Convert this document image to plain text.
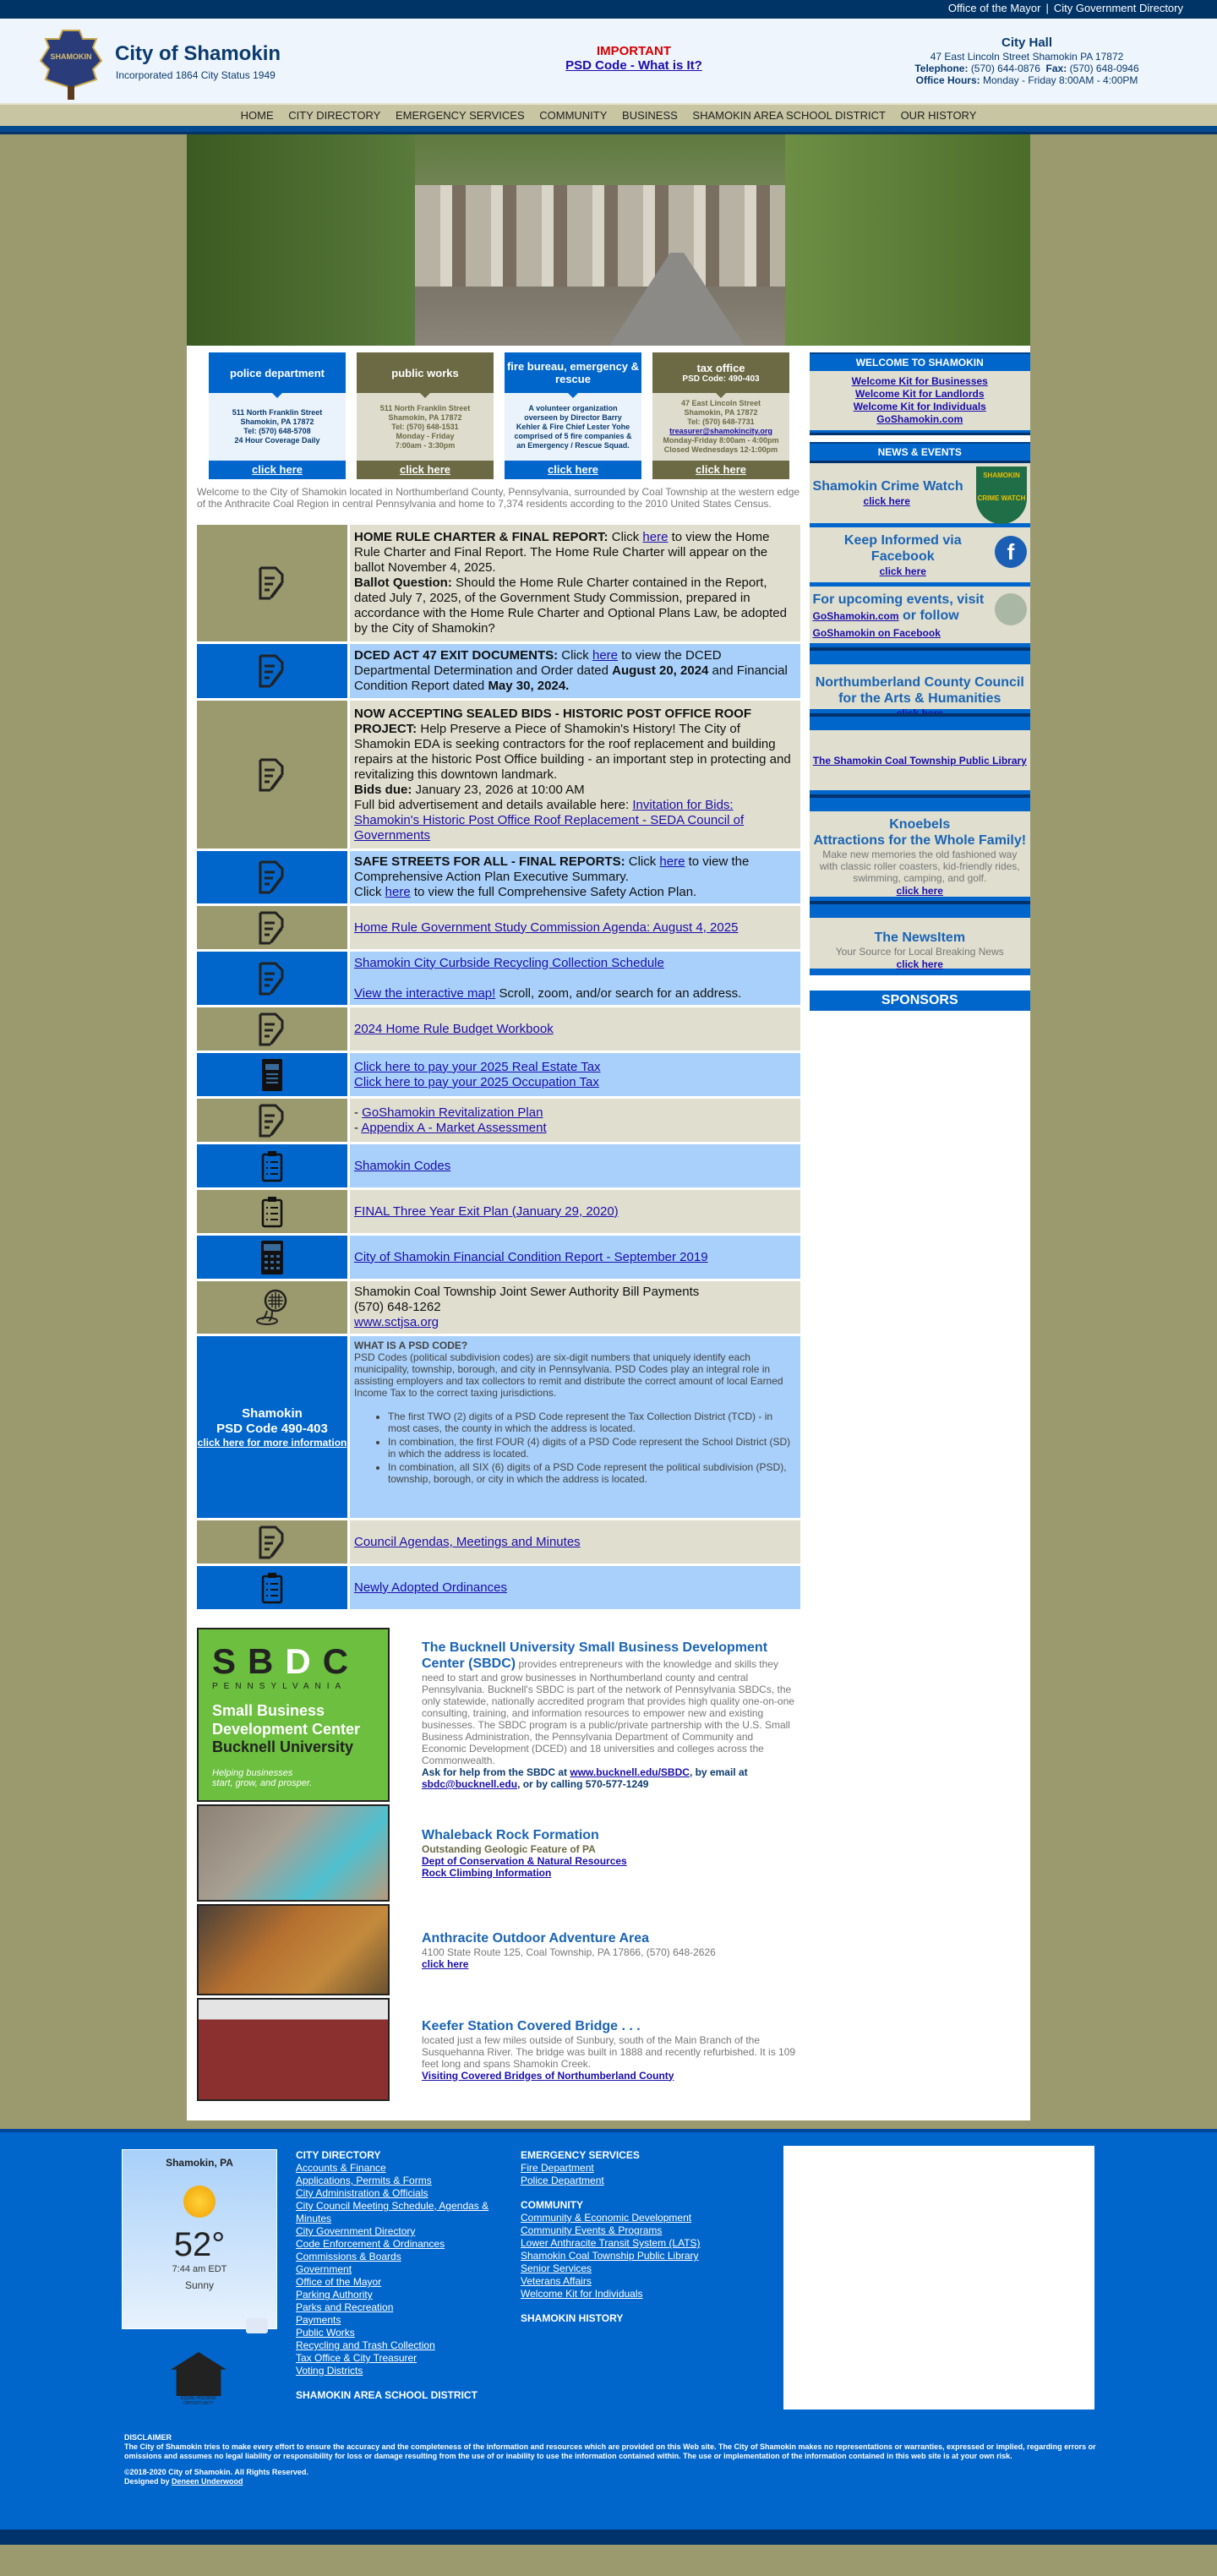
Office of the Mayor | City Government Directory
SHAMOKIN City of Shamokin
Incorporated 1864 City Status 1949
IMPORTANT
PSD Code - What is It?
City Hall
47 East Lincoln Street Shamokin PA 17872
Telephone: (570) 644-0876 Fax: (570) 648-0946
Office Hours: Monday - Friday 8:00AM - 4:00PM
HOME CITY DIRECTORY EMERGENCY SERVICES COMMUNITY BUSINESS SHAMOKIN AREA SCHOOL DISTRICT OUR HISTORY
police department
511 North Franklin Street
Shamokin, PA 17872
Tel: (570) 648-5708
24 Hour Coverage Daily
click here
public works
511 North Franklin Street
Shamokin, PA 17872
Tel: (570) 648-1531
Monday - Friday
7:00am - 3:30pm
click here
fire bureau, emergency & rescue
A volunteer organization
overseen by Director Barry
Kehler & Fire Chief Lester Yohe
comprised of 5 fire companies &
an Emergency / Rescue Squad.
click here
tax office
PSD Code: 490-403
47 East Lincoln Street
Shamokin, PA 17872
Tel: (570) 648-7731
treasurer@shamokincity.org
Monday-Friday 8:00am - 4:00pm
Closed Wednesdays 12-1:00pm
click here

Welcome to the City of Shamokin located in Northumberland County, Pennsylvania, surrounded by Coal Township at the western edge of the Anthracite Coal Region in central Pennsylvania and home to 7,374 residents according to the 2010 United States Census.

HOME RULE CHARTER & FINAL REPORT: Click here to view the Home Rule Charter and Final Report. The Home Rule Charter will appear on the ballot November 4, 2025.
Ballot Question: Should the Home Rule Charter contained in the Report, dated July 7, 2025, of the Government Study Commission, prepared in accordance with the Home Rule Charter and Optional Plans Law, be adopted by the City of Shamokin?
DCED ACT 47 EXIT DOCUMENTS: Click here to view the DCED Departmental Determination and Order dated August 20, 2024 and Financial Condition Report dated May 30, 2024.
NOW ACCEPTING SEALED BIDS - HISTORIC POST OFFICE ROOF PROJECT: Help Preserve a Piece of Shamokin's History! The City of Shamokin EDA is seeking contractors for the roof replacement and building repairs at the historic Post Office building - an important step in protecting and revitalizing this downtown landmark.
Bids due: January 23, 2026 at 10:00 AM
Full bid advertisement and details available here: Invitation for Bids: Shamokin's Historic Post Office Roof Replacement - SEDA Council of Governments
SAFE STREETS FOR ALL - FINAL REPORTS: Click here to view the Comprehensive Action Plan Executive Summary.
Click here to view the full Comprehensive Safety Action Plan.
Home Rule Government Study Commission Agenda: August 4, 2025
Shamokin City Curbside Recycling Collection Schedule

View the interactive map! Scroll, zoom, and/or search for an address.
2024 Home Rule Budget Workbook
Click here to pay your 2025 Real Estate Tax
Click here to pay your 2025 Occupation Tax
- GoShamokin Revitalization Plan
- Appendix A - Market Assessment
Shamokin Codes
FINAL Three Year Exit Plan (January 29, 2020)
City of Shamokin Financial Condition Report - September 2019
Shamokin Coal Township Joint Sewer Authority Bill Payments
(570) 648-1262
www.sctjsa.org
Shamokin
PSD Code 490-403
click here for more information
WHAT IS A PSD CODE?
PSD Codes (political subdivision codes) are six-digit numbers that uniquely identify each municipality, township, borough, and city in Pennsylvania. PSD Codes play an integral role in assisting employers and tax collectors to remit and distribute the correct amount of local Earned Income Tax to the correct taxing jurisdictions.
• The first TWO (2) digits of a PSD Code represent the Tax Collection District (TCD) - in most cases, the county in which the address is located.
• In combination, the first FOUR (4) digits of a PSD Code represent the School District (SD) in which the address is located.
• In combination, all SIX (6) digits of a PSD Code represent the political subdivision (PSD), township, borough, or city in which the address is located.
Council Agendas, Meetings and Minutes
Newly Adopted Ordinances
SBDC
PENNSYLVANIA
Small Business
Development Center
Bucknell University
Helping businesses
start, grow, and prosper.
The Bucknell University Small Business Development Center (SBDC) provides entrepreneurs with the knowledge and skills they need to start and grow businesses in Northumberland county and central Pennsylvania. Bucknell's SBDC is part of the network of Pennsylvania SBDCs, the only statewide, nationally accredited program that provides high quality one-on-one consulting, training, and information resources to empower new and existing businesses. The SBDC program is a public/private partnership with the U.S. Small Business Administration, the Pennsylvania Department of Community and Economic Development (DCED) and 18 universities and colleges across the Commonwealth.
Ask for help from the SBDC at www.bucknell.edu/SBDC, by email at sbdc@bucknell.edu, or by calling 570-577-1249
Whaleback Rock Formation
Outstanding Geologic Feature of PA
Dept of Conservation & Natural Resources
Rock Climbing Information
Anthracite Outdoor Adventure Area
4100 State Route 125, Coal Township, PA 17866, (570) 648-2626
click here
Keefer Station Covered Bridge . . .
located just a few miles outside of Sunbury, south of the Main Branch of the Susquehanna River. The bridge was built in 1888 and recently refurbished. It is 109 feet long and spans Shamokin Creek.
Visiting Covered Bridges of Northumberland County
WELCOME TO SHAMOKIN
Welcome Kit for Businesses
Welcome Kit for Landlords
Welcome Kit for Individuals
GoShamokin.com
NEWS & EVENTS
Shamokin Crime Watch
click here
SHAMOKIN

CRIME WATCH
Keep Informed via Facebook
click here
f
For upcoming events, visit GoShamokin.com or follow GoShamokin on Facebook
Northumberland County Council for the Arts & Humanities
The Shamokin Coal Township Public Library
Knoebels
Attractions for the Whole Family!
Make new memories the old fashioned way with classic roller coasters, kid-friendly rides, swimming, camping, and golf.
click here
The NewsItem
Your Source for Local Breaking News
click here
SPONSORS
Shamokin, PA
52°
7:44 am EDT
Sunny
EQUAL HOUSING OPPORTUNITY
CITY DIRECTORY
Accounts & Finance
Applications, Permits & Forms
City Administration & Officials
City Council Meeting Schedule, Agendas & Minutes
City Government Directory
Code Enforcement & Ordinances
Commissions & Boards
Government
Office of the Mayor
Parking Authority
Parks and Recreation
Payments
Public Works
Recycling and Trash Collection
Tax Office & City Treasurer
Voting Districts
SHAMOKIN AREA SCHOOL DISTRICT
EMERGENCY SERVICES
Fire Department
Police Department
COMMUNITY
Community & Economic Development
Community Events & Programs
Lower Anthracite Transit System (LATS)
Shamokin Coal Township Public Library
Senior Services
Veterans Affairs
Welcome Kit for Individuals
SHAMOKIN HISTORY

DISCLAIMER
The City of Shamokin tries to make every effort to ensure the accuracy and the completeness of the information and resources which are provided on this Web site. The City of Shamokin makes no representations or warranties, expressed or implied, regarding errors or omissions and assumes no legal liability or responsibility for loss or damage resulting from the use of or inability to use the information contained within. The use or implementation of the information contained in this web site is at your own risk.

©2018-2020 City of Shamokin. All Rights Reserved.
Designed by Deneen Underwood
